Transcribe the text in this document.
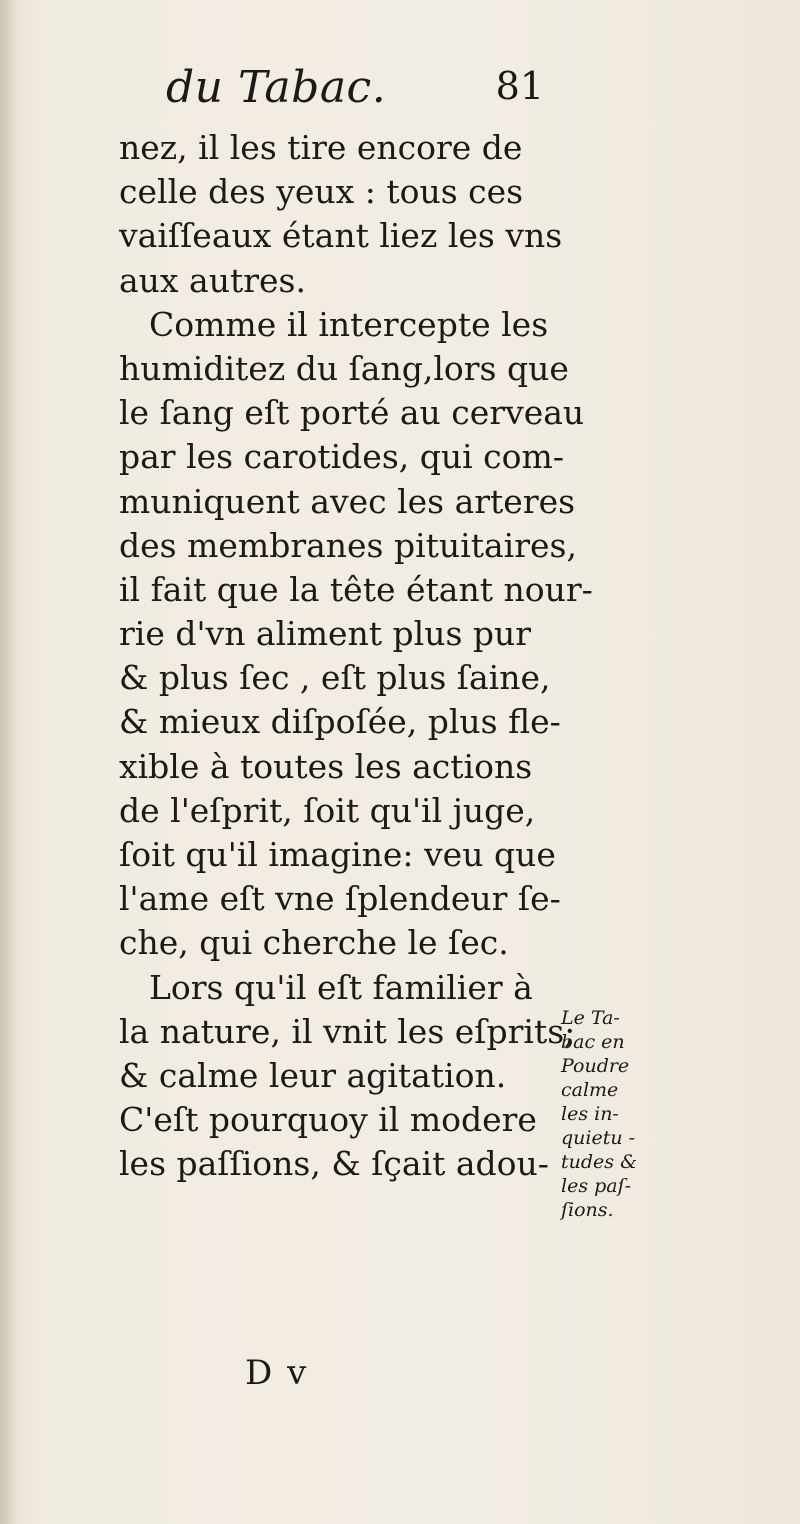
du Tabac.	81
nez, il les tire encore de
celle des yeux : tous ces
vaiſſeaux étant liez les vns
aux autres.
Comme il intercepte les
humiditez du ſang,lors que
le ſang eſt porté au cerveau
par les carotides, qui com-
muniquent avec les arteres
des membranes pituitaires,
il fait que la tête étant nour-
rie d'vn aliment plus pur
& plus ſec , eſt plus ſaine,
& mieux diſpoſée, plus fle-
xible à toutes les actions
de l'eſprit, ſoit qu'il juge,
ſoit qu'il imagine: veu que
l'ame eſt vne ſplendeur ſe-
che, qui cherche le ſec.
Lors qu'il eſt familier à
la nature, il vnit les eſprits;
& calme leur agitation.
C'eſt pourquoy il modere
les paſſions, & ſçait adou-
D v
Le Ta-
bac en
Poudre
calme
les in-
quietu -
tudes &
les paſ-
ſions.
